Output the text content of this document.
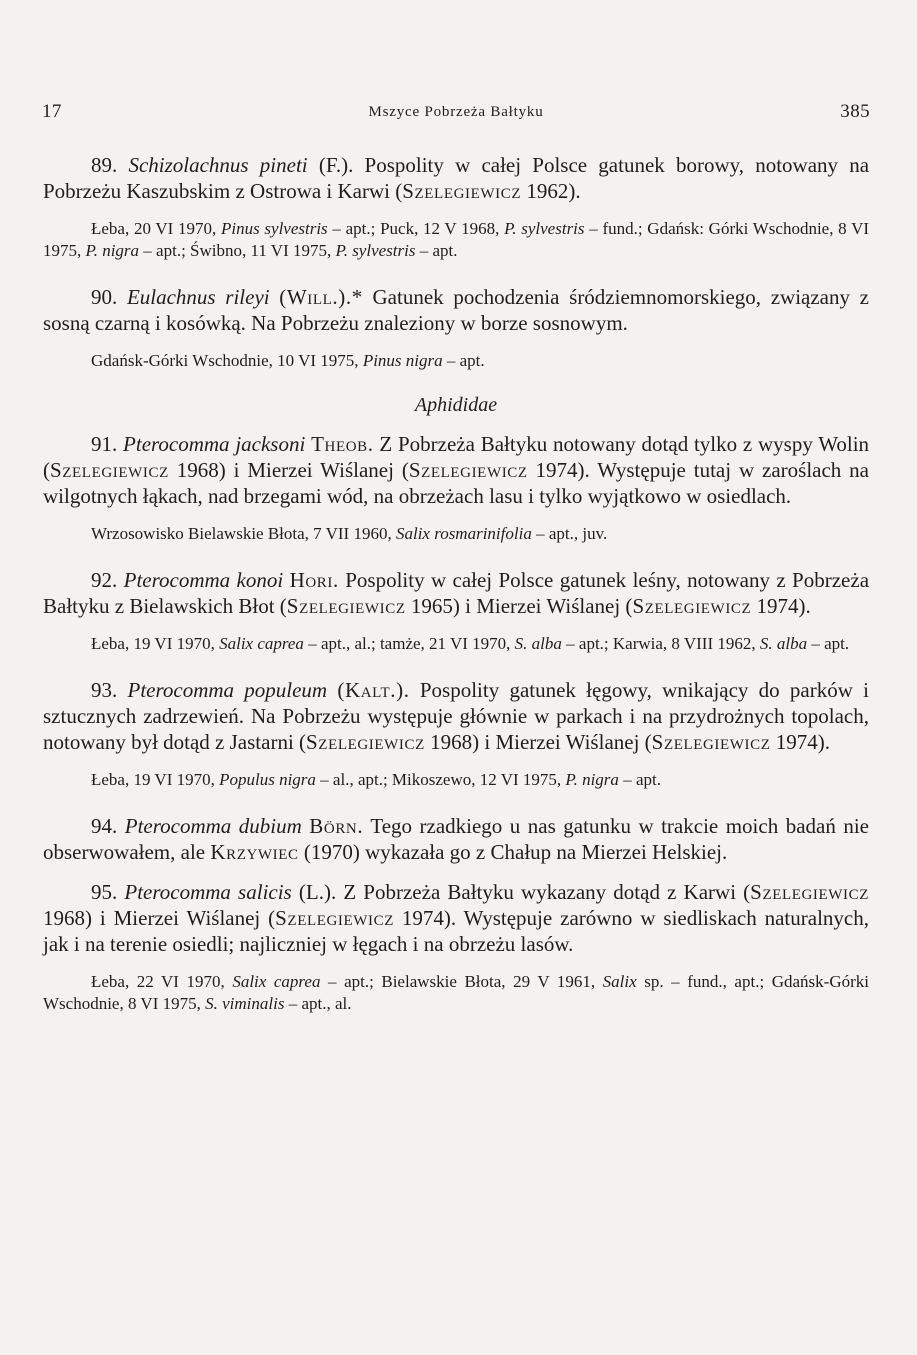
17	Mszyce Pobrzeża Bałtyku	385

89. Schizolachnus pineti (F.). Pospolity w całej Polsce gatunek borowy, notowany na Pobrzeżu Kaszubskim z Ostrowa i Karwi (Szelegiewicz 1962).

Łeba, 20 VI 1970, Pinus sylvestris – apt.; Puck, 12 V 1968, P. sylvestris – fund.; Gdańsk: Górki Wschodnie, 8 VI 1975, P. nigra – apt.; Świbno, 11 VI 1975, P. sylvestris – apt.

90. Eulachnus rileyi (Will.).* Gatunek pochodzenia śródziemnomorskiego, związany z sosną czarną i kosówką. Na Pobrzeżu znaleziony w borze sosnowym.

Gdańsk-Górki Wschodnie, 10 VI 1975, Pinus nigra – apt.

Aphididae

91. Pterocomma jacksoni Theob. Z Pobrzeża Bałtyku notowany dotąd tylko z wyspy Wolin (Szelegiewicz 1968) i Mierzei Wiślanej (Szelegiewicz 1974). Występuje tutaj w zaroślach na wilgotnych łąkach, nad brzegami wód, na obrzeżach lasu i tylko wyjątkowo w osiedlach.

Wrzosowisko Bielawskie Błota, 7 VII 1960, Salix rosmarinifolia – apt., juv.

92. Pterocomma konoi Hori. Pospolity w całej Polsce gatunek leśny, notowany z Pobrzeża Bałtyku z Bielawskich Błot (Szelegiewicz 1965) i Mierzei Wiślanej (Szelegiewicz 1974).

Łeba, 19 VI 1970, Salix caprea – apt., al.; tamże, 21 VI 1970, S. alba – apt.; Karwia, 8 VIII 1962, S. alba – apt.

93. Pterocomma populeum (Kalt.). Pospolity gatunek łęgowy, wnikający do parków i sztucznych zadrzewień. Na Pobrzeżu występuje głównie w parkach i na przydrożnych topolach, notowany był dotąd z Jastarni (Szelegiewicz 1968) i Mierzei Wiślanej (Szelegiewicz 1974).

Łeba, 19 VI 1970, Populus nigra – al., apt.; Mikoszewo, 12 VI 1975, P. nigra – apt.

94. Pterocomma dubium Börn. Tego rzadkiego u nas gatunku w trakcie moich badań nie obserwowałem, ale Krzywiec (1970) wykazała go z Chałup na Mierzei Helskiej.

95. Pterocomma salicis (L.). Z Pobrzeża Bałtyku wykazany dotąd z Karwi (Szelegiewicz 1968) i Mierzei Wiślanej (Szelegiewicz 1974). Występuje zarówno w siedliskach naturalnych, jak i na terenie osiedli; najliczniej w łęgach i na obrzeżu lasów.

Łeba, 22 VI 1970, Salix caprea – apt.; Bielawskie Błota, 29 V 1961, Salix sp. – fund., apt.; Gdańsk-Górki Wschodnie, 8 VI 1975, S. viminalis – apt., al.
